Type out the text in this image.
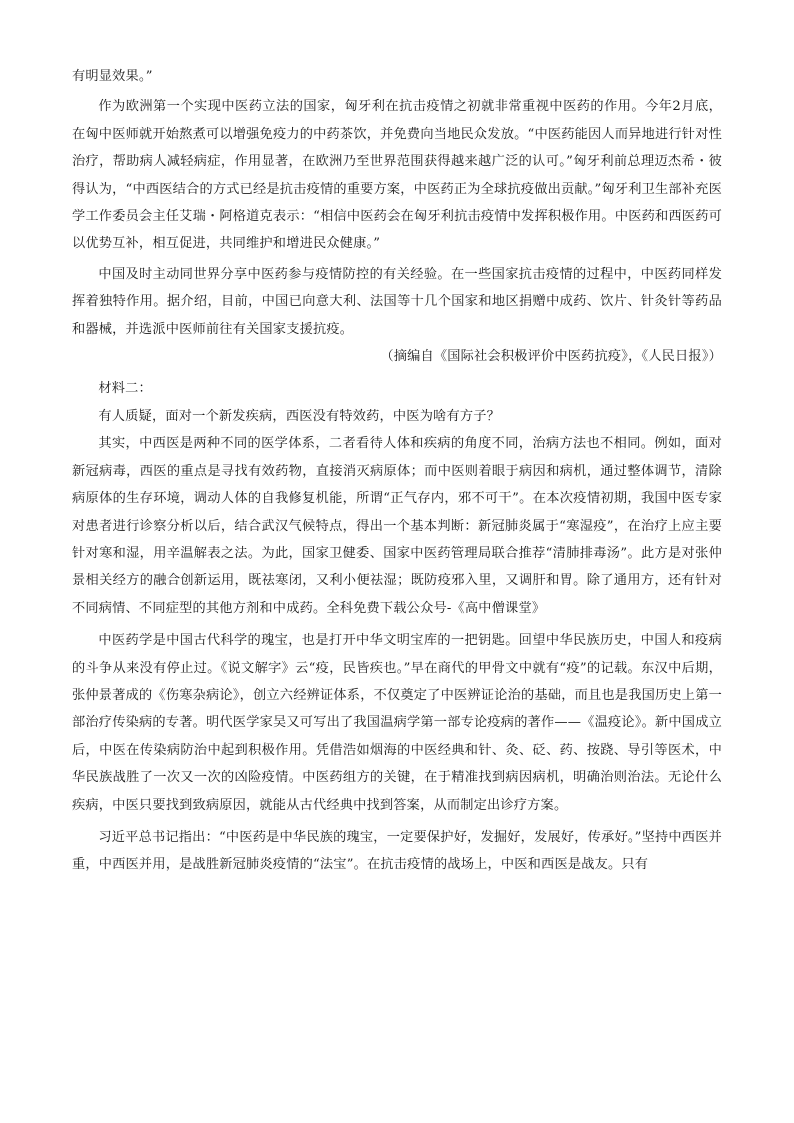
有明显效果。”

作为欧洲第一个实现中医药立法的国家，匈牙利在抗击疫情之初就非常重视中医药的作用。今年2月底，在匈中医师就开始熬煮可以增强免疫力的中药茶饮，并免费向当地民众发放。“中医药能因人而异地进行针对性治疗，帮助病人减轻病症，作用显著，在欧洲乃至世界范围获得越来越广泛的认可。”匈牙利前总理迈杰希・彼得认为，“中西医结合的方式已经是抗击疫情的重要方案，中医药正为全球抗疫做出贡献。”匈牙利卫生部补充医学工作委员会主任艾瑞・阿格道克表示：“相信中医药会在匈牙利抗击疫情中发挥积极作用。中医药和西医药可以优势互补，相互促进，共同维护和增进民众健康。”

中国及时主动同世界分享中医药参与疫情防控的有关经验。在一些国家抗击疫情的过程中，中医药同样发挥着独特作用。据介绍，目前，中国已向意大利、法国等十几个国家和地区捐赠中成药、饮片、针灸针等药品和器械，并选派中医师前往有关国家支援抗疫。

（摘编自《国际社会积极评价中医药抗疫》，《人民日报》）

材料二：

有人质疑，面对一个新发疾病，西医没有特效药，中医为啥有方子？

其实，中西医是两种不同的医学体系，二者看待人体和疾病的角度不同，治病方法也不相同。例如，面对新冠病毒，西医的重点是寻找有效药物，直接消灭病原体；而中医则着眼于病因和病机，通过整体调节，清除病原体的生存环境，调动人体的自我修复机能，所谓“正气存内，邪不可干”。在本次疫情初期，我国中医专家对患者进行诊察分析以后，结合武汉气候特点，得出一个基本判断：新冠肺炎属于“寒湿疫”，在治疗上应主要针对寒和湿，用辛温解表之法。为此，国家卫健委、国家中医药管理局联合推荐“清肺排毒汤”。此方是对张仲景相关经方的融合创新运用，既祛寒闭，又利小便祛湿；既防疫邪入里，又调肝和胃。除了通用方，还有针对不同病情、不同症型的其他方剂和中成药。全科免费下载公众号-《高中僧课堂》

中医药学是中国古代科学的瑰宝，也是打开中华文明宝库的一把钥匙。回望中华民族历史，中国人和疫病的斗争从来没有停止过。《说文解字》云“疫，民皆疾也。”早在商代的甲骨文中就有“疫”的记载。东汉中后期，张仲景著成的《伤寒杂病论》，创立六经辨证体系，不仅奠定了中医辨证论治的基础，而且也是我国历史上第一部治疗传染病的专著。明代医学家吴又可写出了我国温病学第一部专论疫病的著作——《温疫论》。新中国成立后，中医在传染病防治中起到积极作用。凭借浩如烟海的中医经典和针、灸、砭、药、按跷、导引等医术，中华民族战胜了一次又一次的凶险疫情。中医药组方的关键，在于精准找到病因病机，明确治则治法。无论什么疾病，中医只要找到致病原因，就能从古代经典中找到答案，从而制定出诊疗方案。

习近平总书记指出：“中医药是中华民族的瑰宝，一定要保护好，发掘好，发展好，传承好。”坚持中西医并重，中西医并用，是战胜新冠肺炎疫情的“法宝”。在抗击疫情的战场上，中医和西医是战友。只有
